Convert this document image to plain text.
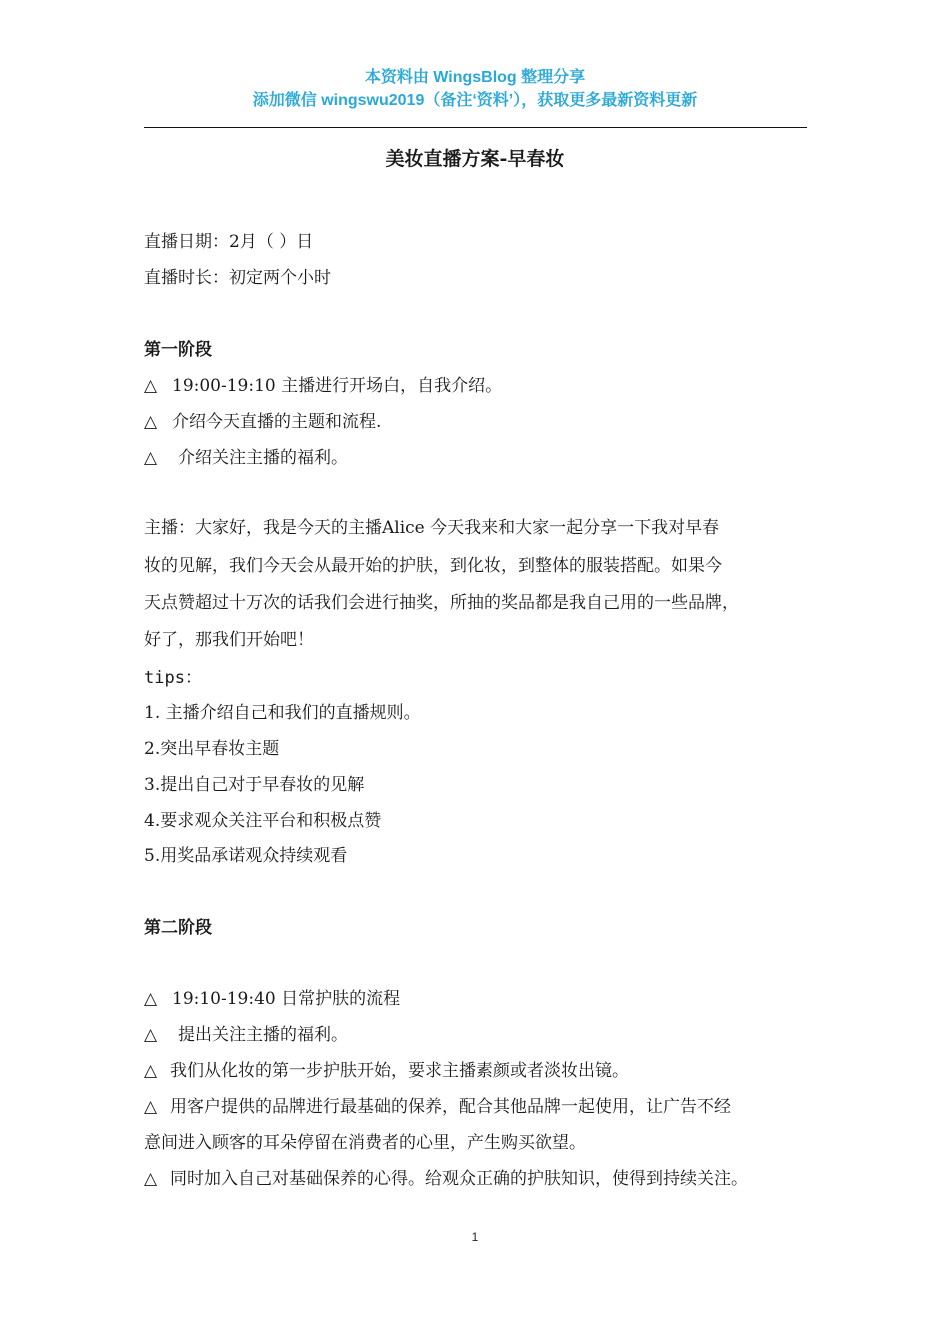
本资料由 WingsBlog 整理分享
添加微信 wingswu2019（备注‘资料’），获取更多最新资料更新
美妆直播方案-早春妆
直播日期：2月（ ）日
直播时长：初定两个小时
第一阶段
△ 19:00-19:10 主播进行开场白，自我介绍。
△ 介绍今天直播的主题和流程.
△ 介绍关注主播的福利。
主播：大家好，我是今天的主播Alice 今天我来和大家一起分享一下我对早春
妆的见解，我们今天会从最开始的护肤，到化妆，到整体的服装搭配。如果今
天点赞超过十万次的话我们会进行抽奖，所抽的奖品都是我自己用的一些品牌，
好了，那我们开始吧！
tips：
1. 主播介绍自己和我们的直播规则。
2.突出早春妆主题
3.提出自己对于早春妆的见解
4.要求观众关注平台和积极点赞
5.用奖品承诺观众持续观看
第二阶段
△ 19:10-19:40 日常护肤的流程
△ 提出关注主播的福利。
△ 我们从化妆的第一步护肤开始，要求主播素颜或者淡妆出镜。
△ 用客户提供的品牌进行最基础的保养，配合其他品牌一起使用，让广告不经
意间进入顾客的耳朵停留在消费者的心里，产生购买欲望。
△ 同时加入自己对基础保养的心得。给观众正确的护肤知识，使得到持续关注。
1
